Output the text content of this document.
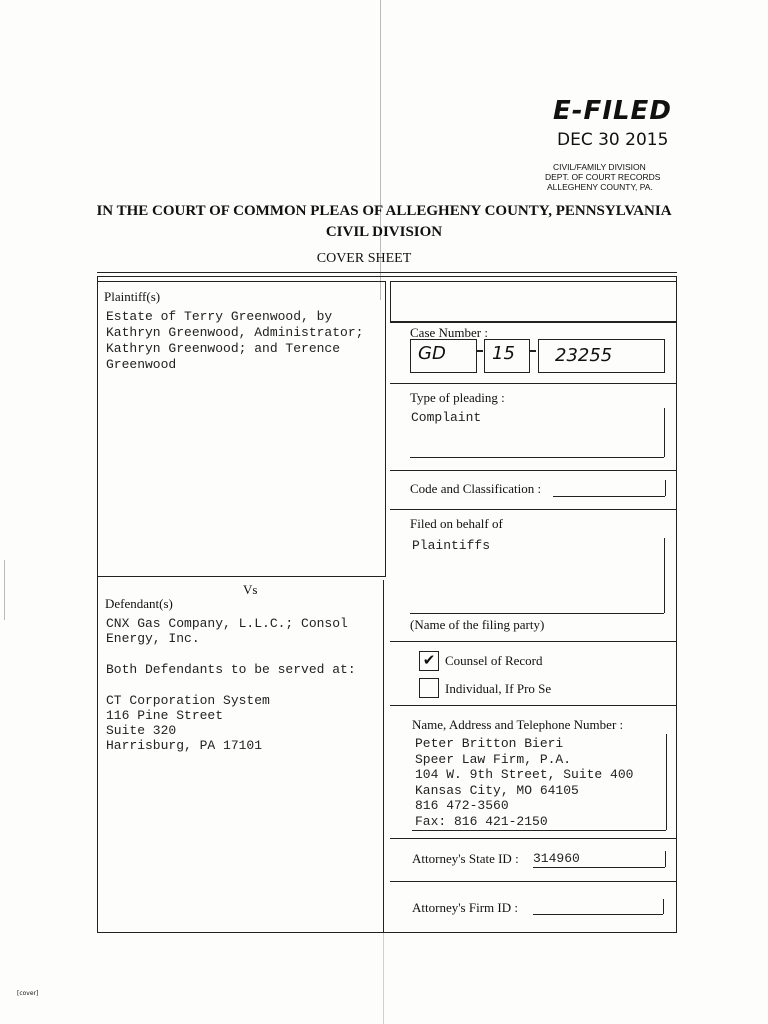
E-FILED
DEC 30 2015
CIVIL/FAMILY DIVISION
DEPT. OF COURT RECORDS
ALLEGHENY COUNTY, PA.
IN THE COURT OF COMMON PLEAS OF ALLEGHENY COUNTY, PENNSYLVANIA
CIVIL DIVISION
COVER SHEET
Plaintiff(s)
Estate of Terry Greenwood, by
Kathryn Greenwood, Administrator;
Kathryn Greenwood; and Terence
Greenwood
Vs
Defendant(s)
CNX Gas Company, L.L.C.; Consol
Energy, Inc.
Both Defendants to be served at:
CT Corporation System
116 Pine Street
Suite 320
Harrisburg, PA 17101
Case Number :
GD	15 23255
Type of pleading :
Complaint
Code and Classification :
Filed on behalf of
Plaintiffs
(Name of the filing party)
✔ Counsel of Record
Individual, If Pro Se
Name, Address and Telephone Number :
Peter Britton Bieri
Speer Law Firm, P.A.
104 W. 9th Street, Suite 400
Kansas City, MO 64105
816 472-3560
Fax: 816 421-2150
Attorney's State ID : 314960
Attorney's Firm ID :
[cover]
